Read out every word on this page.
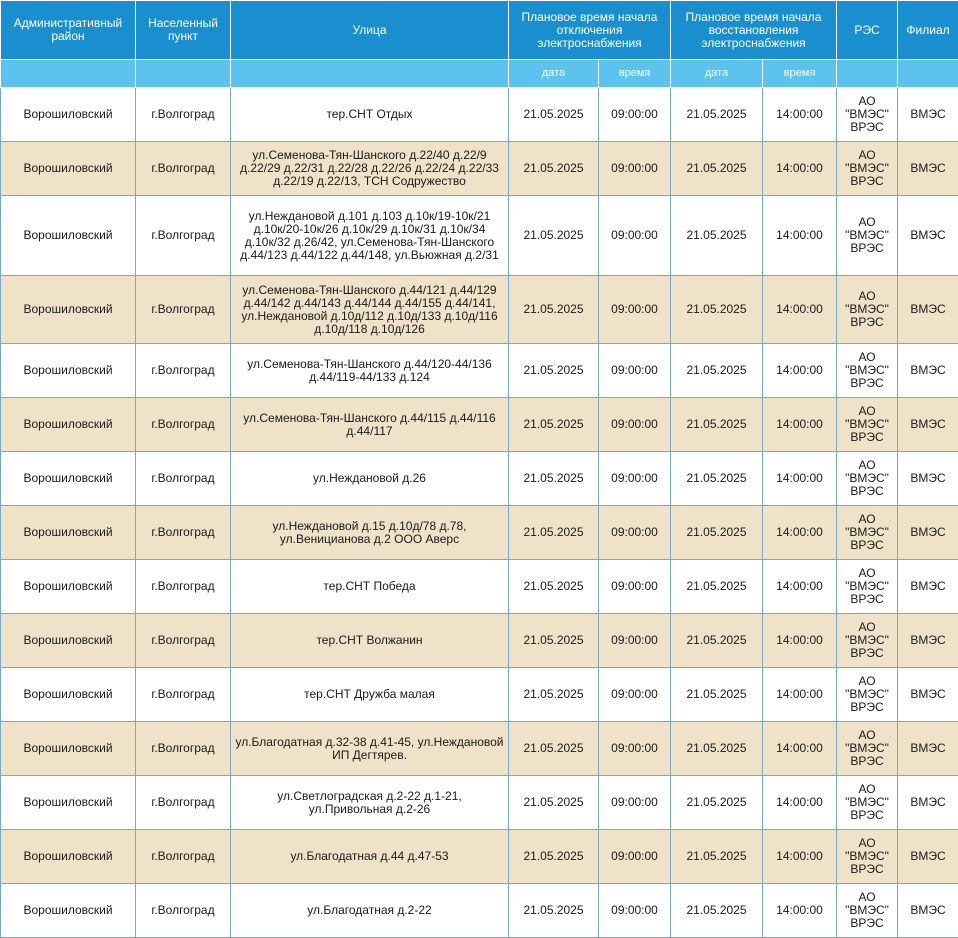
Административный район	Населенный пункт	Улица	Плановое время начала отключения электроснабжения		Плановое время начала восстановления электроснабжения		РЭС	Филиал
			дата	время	дата	время		
Ворошиловский	г.Волгоград	тер.СНТ Отдых	21.05.2025	09:00:00	21.05.2025	14:00:00	АО "ВМЭС" ВРЭС	ВМЭС
Ворошиловский	г.Волгоград	ул.Семенова-Тян-Шанского д.22/40 д.22/9 д.22/29 д.22/31 д.22/28 д.22/26 д.22/24 д.22/33 д.22/19 д.22/13, ТСН Содружество	21.05.2025	09:00:00	21.05.2025	14:00:00	АО "ВМЭС" ВРЭС	ВМЭС
Ворошиловский	г.Волгоград	ул.Неждановой д.101 д.103 д.10к/19-10к/21 д.10к/20-10к/26 д.10к/29 д.10к/31 д.10к/34 д.10к/32 д.26/42, ул.Семенова-Тян-Шанского д.44/123 д.44/122 д.44/148, ул.Вьюжная д.2/31	21.05.2025	09:00:00	21.05.2025	14:00:00	АО "ВМЭС" ВРЭС	ВМЭС
Ворошиловский	г.Волгоград	ул.Семенова-Тян-Шанского д.44/121 д.44/129 д.44/142 д.44/143 д.44/144 д.44/155 д.44/141, ул.Неждановой д.10д/112 д.10д/133 д.10д/116 д.10д/118 д.10д/126	21.05.2025	09:00:00	21.05.2025	14:00:00	АО "ВМЭС" ВРЭС	ВМЭС
Ворошиловский	г.Волгоград	ул.Семенова-Тян-Шанского д.44/120-44/136 д.44/119-44/133 д.124	21.05.2025	09:00:00	21.05.2025	14:00:00	АО "ВМЭС" ВРЭС	ВМЭС
Ворошиловский	г.Волгоград	ул.Семенова-Тян-Шанского д.44/115 д.44/116 д.44/117	21.05.2025	09:00:00	21.05.2025	14:00:00	АО "ВМЭС" ВРЭС	ВМЭС
Ворошиловский	г.Волгоград	ул.Неждановой д.26	21.05.2025	09:00:00	21.05.2025	14:00:00	АО "ВМЭС" ВРЭС	ВМЭС
Ворошиловский	г.Волгоград	ул.Неждановой д.15 д.10д/78 д.78, ул.Веницианова д.2 ООО Аверс	21.05.2025	09:00:00	21.05.2025	14:00:00	АО "ВМЭС" ВРЭС	ВМЭС
Ворошиловский	г.Волгоград	тер.СНТ Победа	21.05.2025	09:00:00	21.05.2025	14:00:00	АО "ВМЭС" ВРЭС	ВМЭС
Ворошиловский	г.Волгоград	тер.СНТ Волжанин	21.05.2025	09:00:00	21.05.2025	14:00:00	АО "ВМЭС" ВРЭС	ВМЭС
Ворошиловский	г.Волгоград	тер.СНТ Дружба малая	21.05.2025	09:00:00	21.05.2025	14:00:00	АО "ВМЭС" ВРЭС	ВМЭС
Ворошиловский	г.Волгоград	ул.Благодатная д.32-38 д.41-45, ул.Неждановой ИП Дегтярев.	21.05.2025	09:00:00	21.05.2025	14:00:00	АО "ВМЭС" ВРЭС	ВМЭС
Ворошиловский	г.Волгоград	ул.Светлоградская д.2-22 д.1-21, ул.Привольная д.2-26	21.05.2025	09:00:00	21.05.2025	14:00:00	АО "ВМЭС" ВРЭС	ВМЭС
Ворошиловский	г.Волгоград	ул.Благодатная д.44 д.47-53	21.05.2025	09:00:00	21.05.2025	14:00:00	АО "ВМЭС" ВРЭС	ВМЭС
Ворошиловский	г.Волгоград	ул.Благодатная д.2-22	21.05.2025	09:00:00	21.05.2025	14:00:00	АО "ВМЭС" ВРЭС	ВМЭС
